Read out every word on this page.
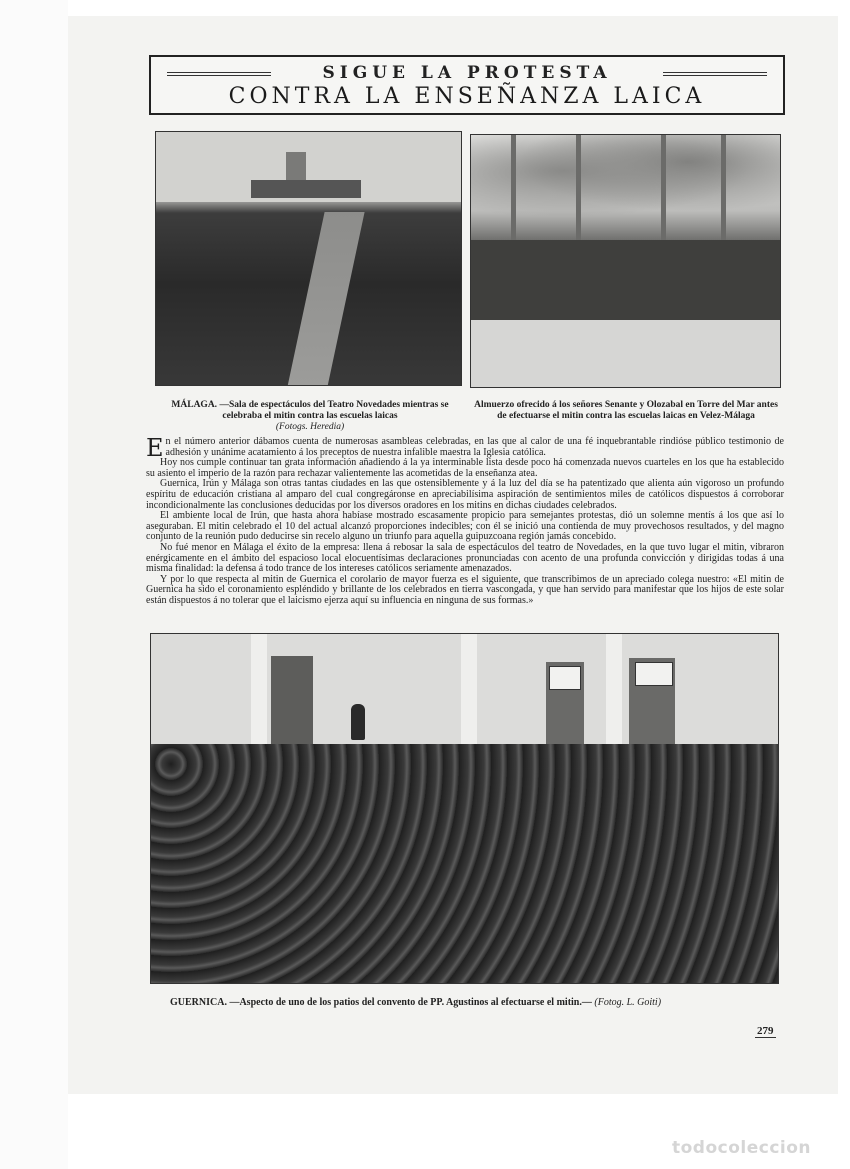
SIGUE LA PROTESTA
CONTRA LA ENSEÑANZA LAICA
MÁLAGA. —Sala de espectáculos del Teatro Novedades mientras se celebraba el mitin contra las escuelas laicas
(Fotogs. Heredia)
Almuerzo ofrecido á los señores Senante y Olozabal en Torre del Mar antes de efectuarse el mitin contra las escuelas laicas en Velez-Málaga

En el número anterior dábamos cuenta de numerosas asambleas celebradas, en las que al calor de una fé inquebrantable rindióse público testimonio de adhesión y unánime acatamiento á los preceptos de nuestra infalible maestra la Iglesia católica.

Hoy nos cumple continuar tan grata información añadiendo á la ya interminable lista desde poco há comenzada nuevos cuarteles en los que ha establecido su asiento el imperio de la razón para rechazar valientemente las acometidas de la enseñanza atea.

Guernica, Irún y Málaga son otras tantas ciudades en las que ostensiblemente y á la luz del día se ha patentizado que alienta aún vigoroso un profundo espíritu de educación cristiana al amparo del cual congregáronse en apreciabilísima aspiración de sentimientos miles de católicos dispuestos á corroborar incondicionalmente las conclusiones deducidas por los diversos oradores en los mitins en dichas ciudades celebrados.

El ambiente local de Irún, que hasta ahora habíase mostrado escasamente propicio para semejantes protestas, dió un solemne mentís á los que así lo aseguraban. El mitin celebrado el 10 del actual alcanzó proporciones indecibles; con él se inició una contienda de muy provechosos resultados, y del magno conjunto de la reunión pudo deducirse sin recelo alguno un triunfo para aquella guipuzcoana región jamás concebido.

No fué menor en Málaga el éxito de la empresa: llena á rebosar la sala de espectáculos del teatro de Novedades, en la que tuvo lugar el mitin, vibraron enérgicamente en el ámbito del espacioso local elocuentísimas declaraciones pronunciadas con acento de una profunda convicción y dirigidas todas á una misma finalidad: la defensa á todo trance de los intereses católicos seriamente amenazados.

Y por lo que respecta al mitin de Guernica el corolario de mayor fuerza es el siguiente, que transcribimos de un apreciado colega nuestro: «El mitin de Guernica ha sido el coronamiento espléndido y brillante de los celebrados en tierra vascongada, y que han servido para manifestar que los hijos de este solar están dispuestos á no tolerar que el laicismo ejerza aquí su influencia en ninguna de sus formas.»

GUERNICA. —Aspecto de uno de los patios del convento de PP. Agustinos al efectuarse el mitin.— (Fotog. L. Goiti)
279
todocoleccion
